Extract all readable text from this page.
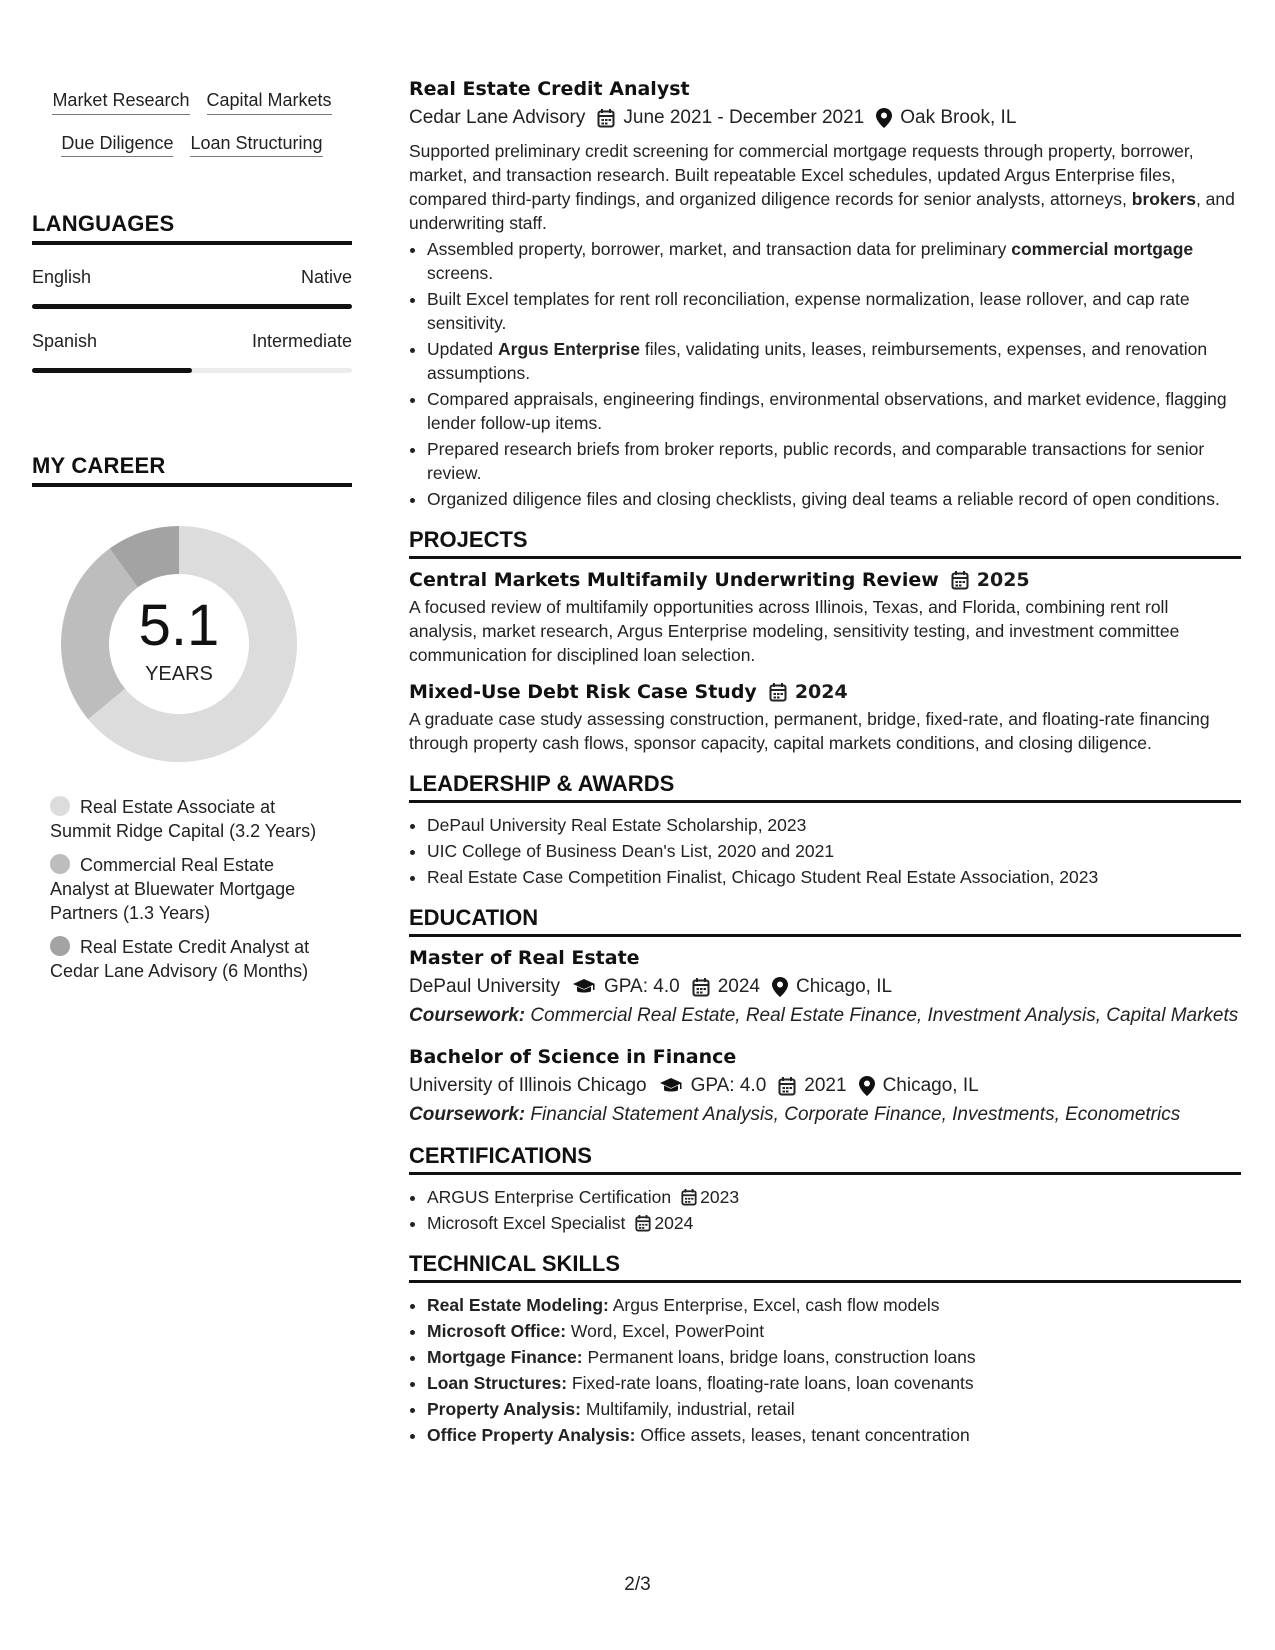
Market Research Capital Markets
Due Diligence Loan Structuring
LANGUAGES
English	Native
Spanish	Intermediate
MY CAREER
5.1
YEARS
Real Estate Associate at Summit Ridge Capital (3.2 Years)
Commercial Real Estate Analyst at Bluewater Mortgage Partners (1.3 Years)
Real Estate Credit Analyst at Cedar Lane Advisory (6 Months)
Real Estate Credit Analyst
Cedar Lane Advisory June 2021 - December 2021 Oak Brook, IL

Supported preliminary credit screening for commercial mortgage requests through property, borrower, market, and transaction research. Built repeatable Excel schedules, updated Argus Enterprise files, compared third-party findings, and organized diligence records for senior analysts, attorneys, brokers, and underwriting staff.

• Assembled property, borrower, market, and transaction data for preliminary commercial mortgage screens.
• Built Excel templates for rent roll reconciliation, expense normalization, lease rollover, and cap rate sensitivity.
• Updated Argus Enterprise files, validating units, leases, reimbursements, expenses, and renovation assumptions.
• Compared appraisals, engineering findings, environmental observations, and market evidence, flagging lender follow-up items.
• Prepared research briefs from broker reports, public records, and comparable transactions for senior review.
• Organized diligence files and closing checklists, giving deal teams a reliable record of open conditions.
PROJECTS
Central Markets Multifamily Underwriting Review 2025

A focused review of multifamily opportunities across Illinois, Texas, and Florida, combining rent roll analysis, market research, Argus Enterprise modeling, sensitivity testing, and investment committee communication for disciplined loan selection.

Mixed-Use Debt Risk Case Study 2024

A graduate case study assessing construction, permanent, bridge, fixed-rate, and floating-rate financing through property cash flows, sponsor capacity, capital markets conditions, and closing diligence.

LEADERSHIP & AWARDS
• DePaul University Real Estate Scholarship, 2023
• UIC College of Business Dean's List, 2020 and 2021
• Real Estate Case Competition Finalist, Chicago Student Real Estate Association, 2023
EDUCATION
Master of Real Estate
DePaul University GPA: 4.0 2024 Chicago, IL
Coursework: Commercial Real Estate, Real Estate Finance, Investment Analysis, Capital Markets
Bachelor of Science in Finance
University of Illinois Chicago GPA: 4.0 2021 Chicago, IL
Coursework: Financial Statement Analysis, Corporate Finance, Investments, Econometrics
CERTIFICATIONS
• ARGUS Enterprise Certification 2023
• Microsoft Excel Specialist 2024
TECHNICAL SKILLS
• Real Estate Modeling: Argus Enterprise, Excel, cash flow models
• Microsoft Office: Word, Excel, PowerPoint
• Mortgage Finance: Permanent loans, bridge loans, construction loans
• Loan Structures: Fixed-rate loans, floating-rate loans, loan covenants
• Property Analysis: Multifamily, industrial, retail
• Office Property Analysis: Office assets, leases, tenant concentration
2/3
